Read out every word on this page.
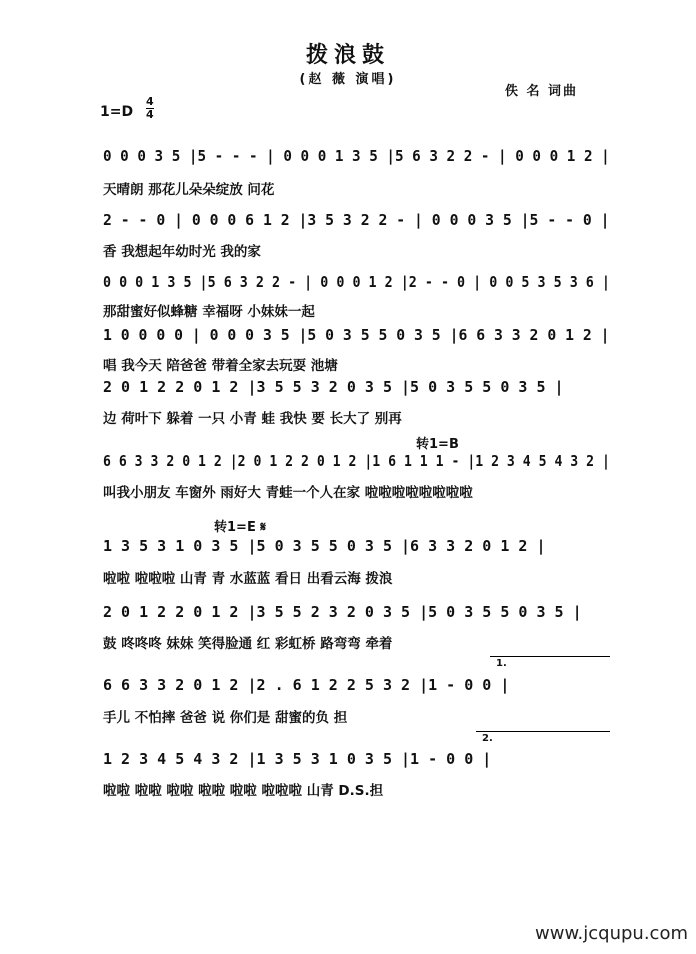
拨浪鼓
(赵 薇 演唱)
佚 名 词曲
1=D
4
4
0 0 0 3 5 |5 - - - | 0 0 0 1 3 5 |5 6 3 2 2 - | 0 0 0 1 2 |
天晴朗 那花儿朵朵绽放 问花
2 - - 0 | 0 0 0 6 1 2 |3 5 3 2 2 - | 0 0 0 3 5 |5 - - 0 |
香 我想起年幼时光 我的家
0 0 0 1 3 5 |5 6 3 2 2 - | 0 0 0 1 2 |2 - - 0 | 0 0 5 3 5 3 6 |
那甜蜜好似蜂糖 幸福呀 小妹妹一起
1 0 0 0 0 | 0 0 0 3 5 |5 0 3 5 5 0 3 5 |6 6 3 3 2 0 1 2 |
唱 我今天 陪爸爸 带着全家去玩耍 池塘
2 0 1 2 2 0 1 2 |3 5 5 3 2 0 3 5 |5 0 3 5 5 0 3 5 |
边 荷叶下 躲着 一只 小青 蛙 我快 要 长大了 别再
转1=B
6 6 3 3 2 0 1 2 |2 0 1 2 2 0 1 2 |1 6 1 1 1 - |1 2 3 4 5 4 3 2 |
叫我小朋友 车窗外 雨好大 青蛙一个人在家 啦啦啦啦啦啦啦啦
转1=E 𝄋
1 3 5 3 1 0 3 5 |5 0 3 5 5 0 3 5 |6 3 3 2 0 1 2 |
啦啦 啦啦啦 山青 青 水蓝蓝 看日 出看云海 拨浪
2 0 1 2 2 0 1 2 |3 5 5 2 3 2 0 3 5 |5 0 3 5 5 0 3 5 |
鼓 咚咚咚 妹妹 笑得脸通 红 彩虹桥 路弯弯 牵着
1.
6 6 3 3 2 0 1 2 |2 . 6 1 2 2 5 3 2 |1 - 0 0 |
手儿 不怕摔 爸爸 说 你们是 甜蜜的负 担
2.
1 2 3 4 5 4 3 2 |1 3 5 3 1 0 3 5 |1 - 0 0 |
啦啦 啦啦 啦啦 啦啦 啦啦 啦啦啦 山青 D.S.担
www.jcqupu.com
